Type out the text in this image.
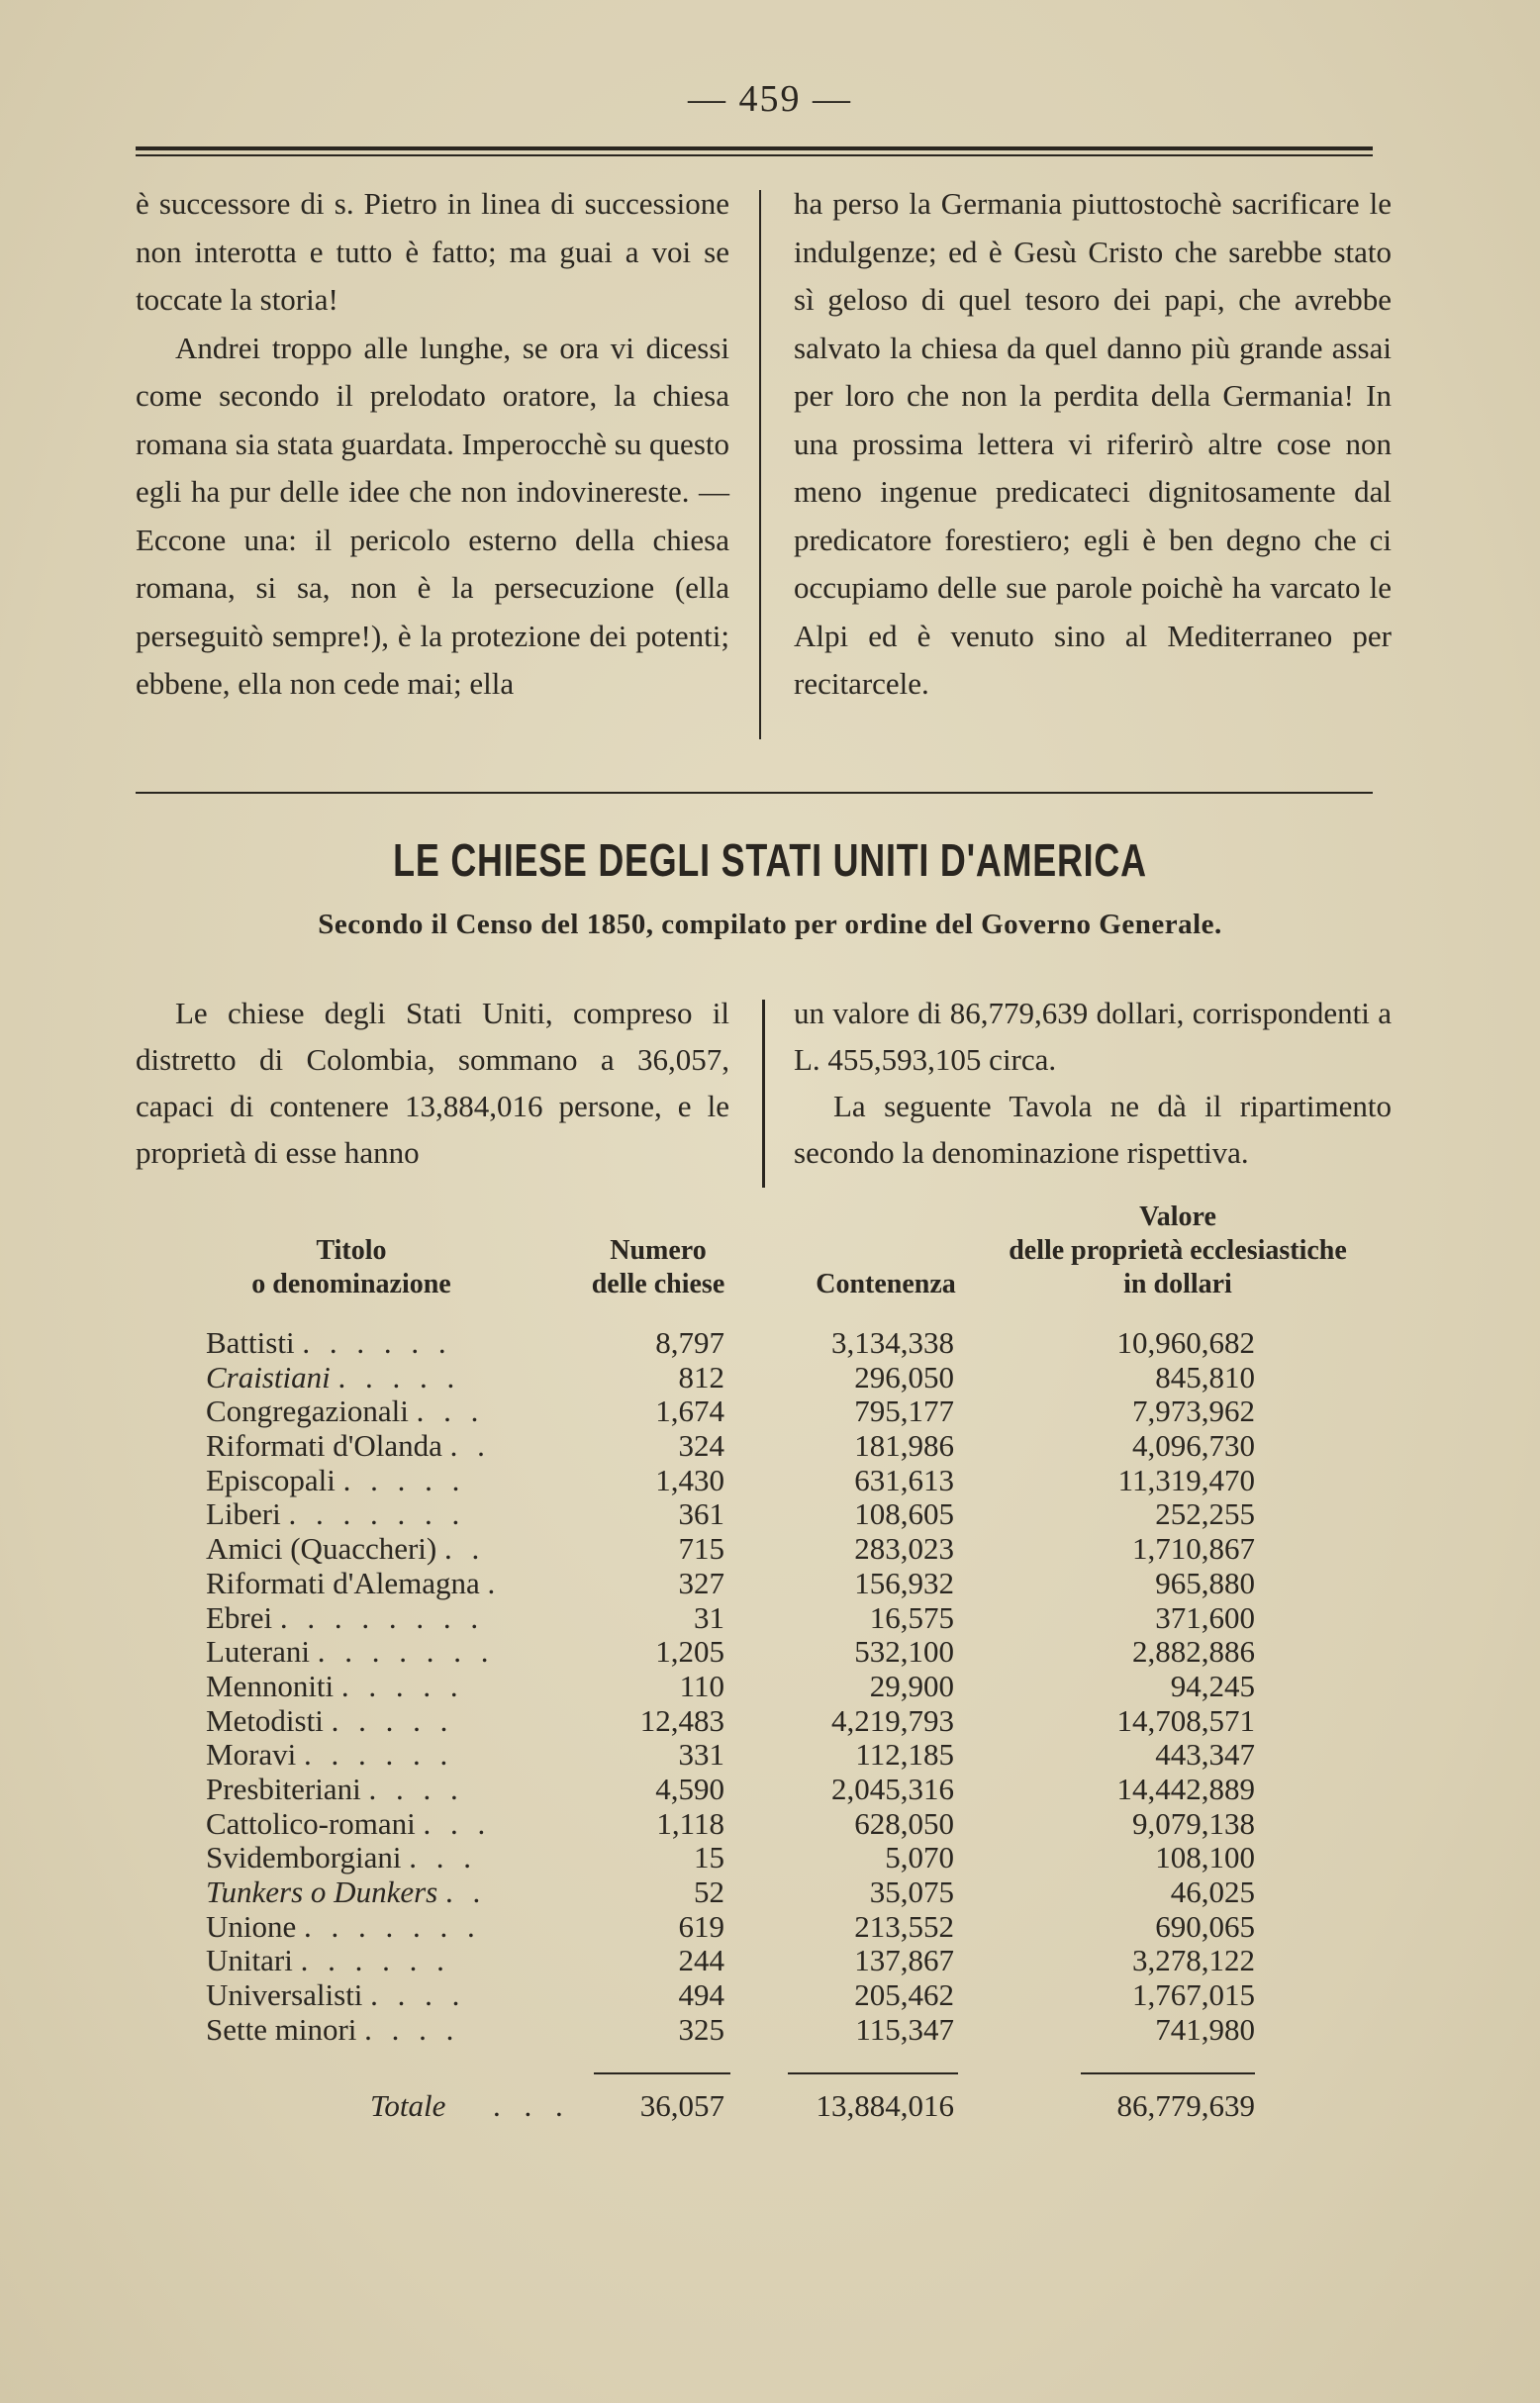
— 459 —

è successore di s. Pietro in linea di successione non interotta e tutto è fatto; ma guai a voi se toccate la storia!

Andrei troppo alle lunghe, se ora vi dicessi come secondo il prelodato oratore, la chiesa romana sia stata guardata. Imperocchè su questo egli ha pur delle idee che non indovinereste. — Eccone una: il pericolo esterno della chiesa romana, si sa, non è la persecuzione (ella perseguitò sempre!), è la protezione dei potenti; ebbene, ella non cede mai; ella

ha perso la Germania piuttostochè sacrificare le indulgenze; ed è Gesù Cristo che sarebbe stato sì geloso di quel tesoro dei papi, che avrebbe salvato la chiesa da quel danno più grande assai per loro che non la perdita della Germania! In una prossima lettera vi riferirò altre cose non meno ingenue predicateci dignitosamente dal predicatore forestiero; egli è ben degno che ci occupiamo delle sue parole poichè ha varcato le Alpi ed è venuto sino al Mediterraneo per recitarcele.

LE CHIESE DEGLI STATI UNITI D'AMERICA
Secondo il Censo del 1850, compilato per ordine del Governo Generale.

Le chiese degli Stati Uniti, compreso il distretto di Colombia, sommano a 36,057, capaci di contenere 13,884,016 persone, e le proprietà di esse hanno

un valore di 86,779,639 dollari, corrispondenti a L. 455,593,105 circa.

La seguente Tavola ne dà il ripartimento secondo la denominazione rispettiva.

Titolo
o denominazione
Numero
delle chiese	Contenenza
Valore
delle proprietà ecclesiastiche
in dollari
Battisti . . . . . .	8,797	3,134,338	10,960,682
Craistiani . . . . .	812	296,050	845,810
Congregazionali . . .	1,674	795,177	7,973,962
Riformati d'Olanda . .	324	181,986	4,096,730
Episcopali . . . . .	1,430	631,613	11,319,470
Liberi . . . . . . .	361	108,605	252,255
Amici (Quaccheri) . .	715	283,023	1,710,867
Riformati d'Alemagna .	327	156,932	965,880
Ebrei . . . . . . . .	31	16,575	371,600
Luterani . . . . . . .	1,205	532,100	2,882,886
Mennoniti . . . . .	110	29,900	94,245
Metodisti . . . . .	12,483	4,219,793	14,708,571
Moravi . . . . . .	331	112,185	443,347
Presbiteriani . . . .	4,590	2,045,316	14,442,889
Cattolico-romani . . .	1,118	628,050	9,079,138
Svidemborgiani . . .	15	5,070	108,100
Tunkers o Dunkers . .	52	35,075	46,025
Unione . . . . . . .	619	213,552	690,065
Unitari . . . . . .	244	137,867	3,278,122
Universalisti . . . .	494	205,462	1,767,015
Sette minori . . . .	325	115,347	741,980
Totale . . . 36,057	13,884,016	86,779,639
